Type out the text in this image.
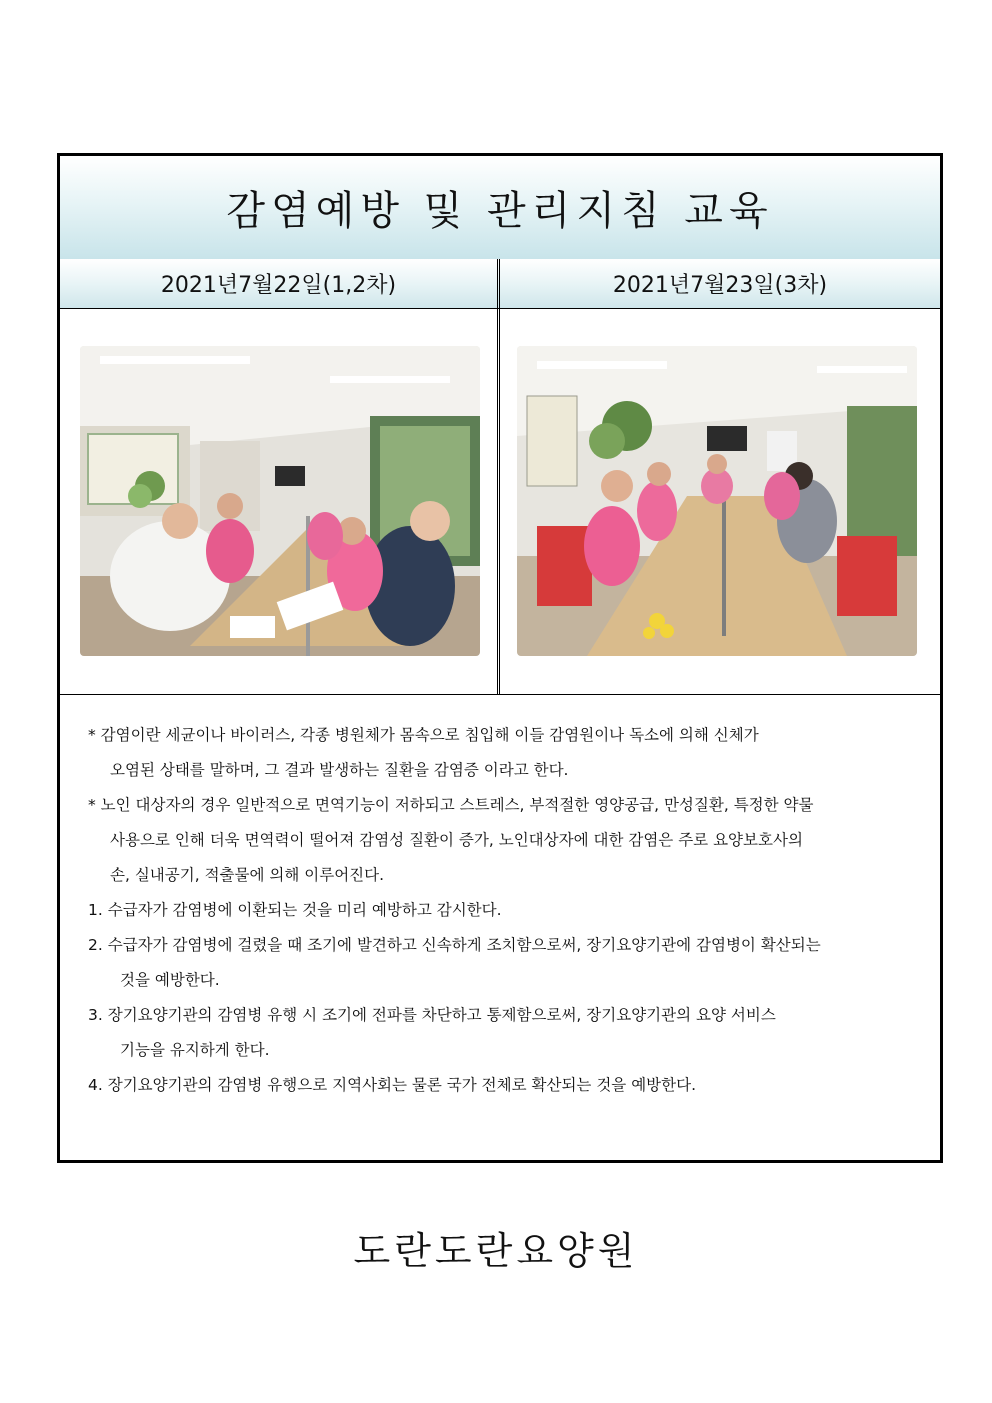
감염예방 및 관리지침 교육
2021년7월22일(1,2차)	2021년7월23일(3차)

* 감염이란 세균이나 바이러스, 각종 병원체가 몸속으로 침입해 이들 감염원이나 독소에 의해 신체가

오염된 상태를 말하며, 그 결과 발생하는 질환을 감염증 이라고 한다.

* 노인 대상자의 경우 일반적으로 면역기능이 저하되고 스트레스, 부적절한 영양공급, 만성질환, 특정한 약물

사용으로 인해 더욱 면역력이 떨어져 감염성 질환이 증가, 노인대상자에 대한 감염은 주로 요양보호사의

손, 실내공기, 적출물에 의해 이루어진다.

1. 수급자가 감염병에 이환되는 것을 미리 예방하고 감시한다.

2. 수급자가 감염병에 걸렸을 때 조기에 발견하고 신속하게 조치함으로써, 장기요양기관에 감염병이 확산되는

것을 예방한다.

3. 장기요양기관의 감염병 유행 시 조기에 전파를 차단하고 통제함으로써, 장기요양기관의 요양 서비스

기능을 유지하게 한다.

4. 장기요양기관의 감염병 유행으로 지역사회는 물론 국가 전체로 확산되는 것을 예방한다.

도란도란요양원
